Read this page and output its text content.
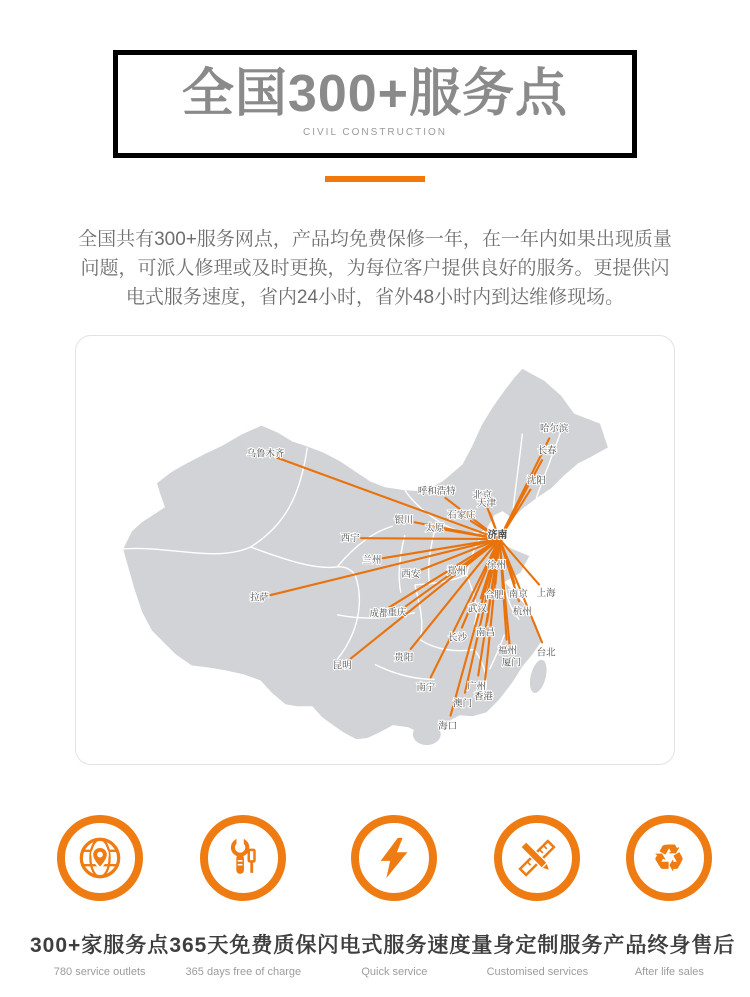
全国300+服务点
CIVIL CONSTRUCTION
全国共有300+服务网点，产品均免费保修一年，在一年内如果出现质量
问题，可派人修理或及时更换，为每位客户提供良好的服务。更提供闪
电式服务速度，省内24小时，省外48小时内到达维修现场。
乌鲁木齐
哈尔滨
长春
沈阳
呼和浩特 北京
天津
石家庄
银川
太原
西宁
兰州
西安	郑州
徐州
拉萨
成都 重庆
合肥 南京 上海
武汉	杭州
南昌
长沙
福州
厦门
台北
贵阳
昆明
南宁	广州
香港
澳门
海口
济南
300+家服务点
780 service outlets
365天免费质保
365 days free of charge
闪电式服务速度
Quick service
量身定制服务
Customised services
♻
产品终身售后
After life sales
